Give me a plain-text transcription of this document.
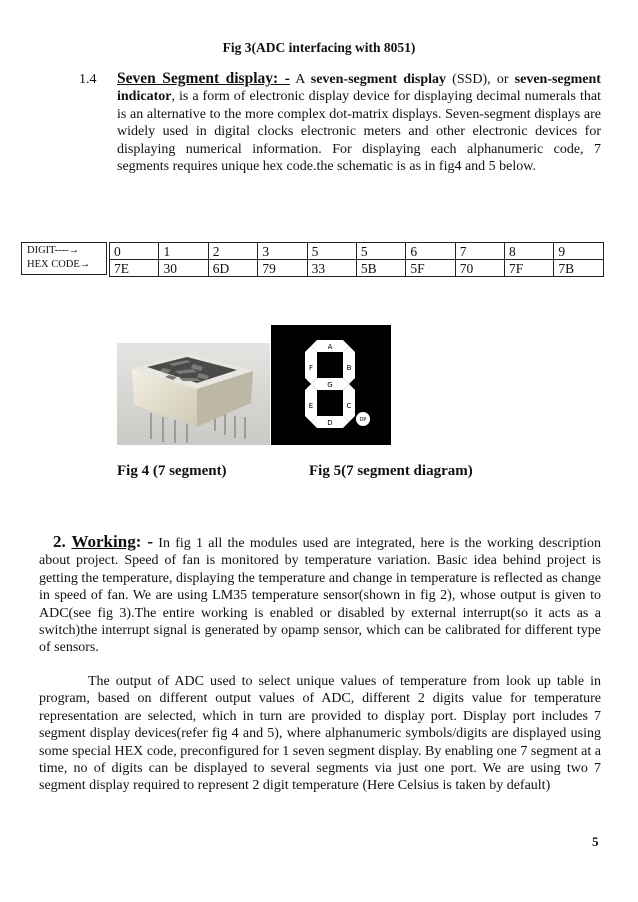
Fig 3(ADC interfacing with 8051)
1.4 Seven Segment display: - A seven-segment display (SSD), or seven-segment indicator, is a form of electronic display device for displaying decimal numerals that is an alternative to the more complex dot-matrix displays. Seven-segment displays are widely used in digital clocks electronic meters and other electronic devices for displaying numerical information. For displaying each alphanumeric code, 7 segments requires unique hex code.the schematic is as in fig4 and 5 below.
DIGIT----→
HEX CODE→
0	1	2	3	5	5	6	7	8	9
7E	30	6D	79	33	5B	5F	70	7F	7B
A
B
C
D
E
F
G
DP
Fig 4 (7 segment)	Fig 5(7 segment diagram)
2. Working: - In fig 1 all the modules used are integrated, here is the working description about project. Speed of fan is monitored by temperature variation. Basic idea behind project is getting the temperature, displaying the temperature and change in temperature is reflected as change in speed of fan. We are using LM35 temperature sensor(shown in fig 2), whose output is given to ADC(see fig 3).The entire working is enabled or disabled by external interrupt(so it acts as a switch)the interrupt signal is generated by opamp sensor, which can be calibrated for different type of sensors.
The output of ADC used to select unique values of temperature from look up table in program, based on different output values of ADC, different 2 digits value for temperature representation are selected, which in turn are provided to display port. Display port includes 7 segment display devices(refer fig 4 and 5), where alphanumeric symbols/digits are displayed using some special HEX code, preconfigured for 1 seven segment display. By enabling one 7 segment at a time, no of digits can be displayed to several segments via just one port. We are using two 7 segment display required to represent 2 digit temperature (Here Celsius is taken by default)
5
